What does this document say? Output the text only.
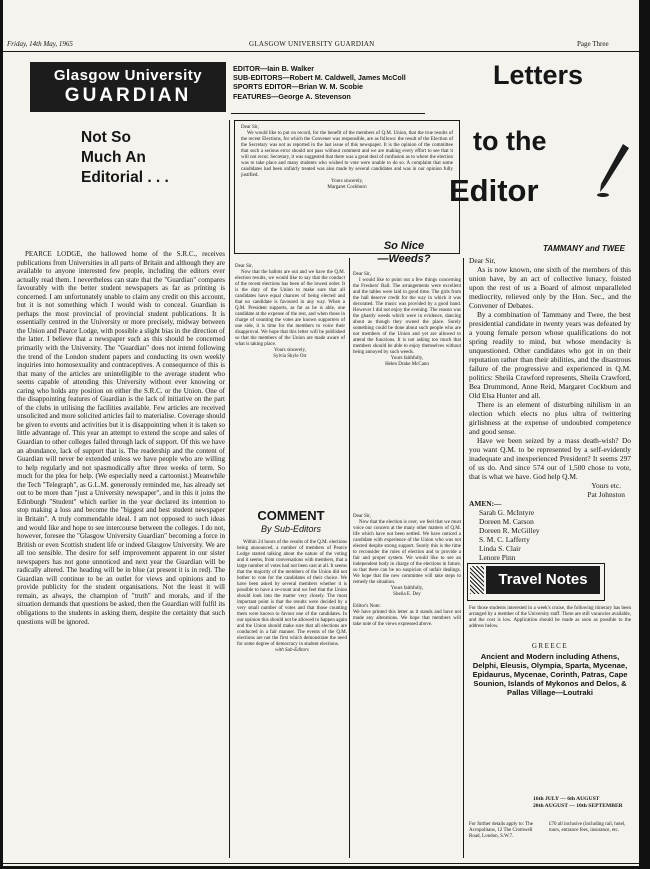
Friday, 14th May, 1965	GLASGOW UNIVERSITY GUARDIAN	Page Three
Glasgow University
GUARDIAN
EDITOR—Iain B. Walker
SUB-EDITORS—Robert M. Caldwell, James McColl
SPORTS EDITOR—Brian W. M. Scobie
FEATURES—George A. Stevenson
Letters
to the
Editor
TAMMANY and TWEE
Not So
Much An
Editorial . . .

PEARCE LODGE, the hallowed home of the S.R.C., receives publications from Universities in all parts of Britain and although they are available to anyone interested few people, including the editors ever actually read them. I nevertheless can state that the "Guardian" compares favourably with the better student newspapers as far as printing is concerned. I am unfortunately unable to claim any credit on this account, but it is not something which I would wish to conceal. Guardian is perhaps the most provincial of provincial student publications. It is essentially centred in the University or more precisely, midway between the Union and Pearce Lodge, with possible a slight bias in the direction of the latter. I believe that a newspaper such as this should be concerned primarily with the University. The "Guardian" does not intend following the trend of the London student papers and conducting its own weekly inquiries into homosexuality and contraceptives. A consequence of this is that many of the articles are unintelligible to the average student who seems capable of attending this University without ever knowing or caring who holds any position on either the S.R.C. or the Union. One of the disappointing features of Guardian is the lack of initiative on the part of the clubs in utilising the facilities available. Few articles are received unsolicited and more solicited articles fail to materialise. Coverage should be given to events and activities but it is disappointing when it is taken so little advantage of. This year an attempt to extend the scope and sales of Guardian to other colleges failed through lack of support. Of this we have an abundance, lack of support that is. The readership and the content of Guardian will never be extended unless we have people who are willing to help regularly and not spasmodically after three weeks of term. So much for the plea for help. (We especially need a cartoonist.) Meanwhile the Tech "Telegraph", as G.L.M. generously reminded me, has already set out to be more than "just a University newspaper", and in this it joins the Edinburgh "Student" which earlier in the year declared its intention to stop making a loss and become the "biggest and best student newspaper in Britain". A truly commendable ideal. I am not opposed to such ideas and would like and hope to see intercourse between the colleges. I do not, however, foresee the "Glasgow University Guardian" becoming a force in British or even Scottish student life or indeed Glasgow University. We are all too sensible. The desire for self improvement apparent in our sister newspapers has not gone unnoticed and next year the Guardian will be radically altered. The heading will be in blue (at present it is in red). The Guardian will continue to be an outlet for views and opinions and to provide publicity for the student organisations. Not the least it will remain, as always, the champion of "truth" and morals, and if the situation demands that questions be asked, then the Guardian will fulfil its obligations to the students in asking them, despite the certainty that such questions will be ignored.

Dear Sir,
We would like to put on record, for the benefit of the members of Q.M. Union, that the true results of the recent Elections, for which the Convener was responsible, are as follows: the result of the Election of the Secretary was not as reported in the last issue of this newspaper. It is the opinion of the committee that such a serious error should not pass without comment and we are making every effort to see that it will not recur. Secretary, it was suggested that there was a great deal of confusion as to where the election was to take place and many students who wished to vote were unable to do so. A complaint that some candidates had been unfairly treated was also made by several candidates and was in our opinion fully justified.
Yours sincerely,
Margaret Cockburn
Dear Sir,
Now that the ballots are out and we have the Q.M. election results, we would like to say that the conduct of the recent elections has been of the lowest order. It is the duty of the Union to make sure that all candidates have equal chances of being elected and that no candidate is favoured in any way. When a Q.M. President supports, as far as he is able, one candidate at the expense of the rest, and when those in charge of counting the votes are known supporters of one side, it is time for the members to voice their disapproval. We hope that this letter will be published so that the members of the Union are made aware of what is taking place.
Yours sincerely,
Sylvia Skyle Orr
So Nice
—Weeds?
Dear Sir,
I would like to point out a few things concerning the Freshers' Ball. The arrangements were excellent and the tables were laid in good time. The girls from the hall deserve credit for the way in which it was decorated. The music was provided by a good band. However I did not enjoy the evening. The reason was the ghastly weeds which were in evidence, dancing about as though they owned the place. Surely something could be done about such people who are not members of the Union and yet are allowed to attend the functions. It is not asking too much that members should be able to enjoy themselves without being annoyed by such weeds.
Yours faithfully,
Helen Drake McCann
COMMENT
By Sub-Editors
Within 24 hours of the results of the Q.M. elections being announced, a number of members of Pearce Lodge started talking about the nature of the voting and it seems, from conversations with members, that a large number of votes had not been cast at all. It seems that the majority of the members of the Union did not bother to vote for the candidates of their choice. We have been asked by several members whether it is possible to have a re-count and we feel that the Union should look into the matter very closely. The most important point is that the results were decided by a very small number of votes and that those counting them were known to favour one of the candidates. In our opinion this should not be allowed to happen again and the Union should make sure that all elections are conducted in a fair manner. The events of the Q.M. elections are not the first which demonstrate the need for some degree of democracy in student elections.
with Sub-Editors
Dear Sir,
Now that the election is over, we feel that we must voice our concern at the many other matters of Q.M. life which have not been settled. We have noticed a candidate with experience of the Union who was not elected despite strong support. Surely this is the time to reconsider the rules of election and to provide a fair and proper system. We would like to see an independent body in charge of the elections in future, so that there can be no suspicion of unfair dealings. We hope that the new committee will take steps to remedy the situation.
Yours faithfully,
Sheila E. Dey
Editor's Note:
We have printed this letter as it stands and have not made any alterations. We hope that members will take note of the views expressed above.
Dear Sir,

As is now known, one sixth of the members of this union have, by an act of collective lunacy, foisted upon the rest of us a Board of almost unparalleled mediocrity, relieved only by the Hon. Sec., and the Convener of Debates.

By a combination of Tammany and Twee, the best presidential candidate in twenty years was defeated by a young female person whose qualifications do not spring readily to mind, but whose mendacity is unquestioned. Other candidates who got in on their reputation rather than their abilities, and the disastrous failure of the progressive and experienced in Q.M. politics: Sheila Crawford represents, Sheila Crawford, Bea Drummond, Anne Reid, Margaret Cockburn and Old Elsa Hunter and all.

There is an element of disturbing nihilism in an election which elects no plus ultra of twittering girlishness at the expense of undoubted competence and good sense.

Have we been seized by a mass death-wish? Do you want Q.M. to be represented by a self-evidently inadequate and inexperienced President? It seems 297 of us do. And since 574 out of 1,500 chose to vote, that is what we have. God help Q.M.

Yours etc.
Pat Johnston
AMEN:—
Sarah G. McIntyre
Doreen M. Carson
Doreen R. McGilley
S. M. C. Lafferty
Linda S. Clair
Lenore Pinn
Travel Notes
For those students interested in a week's cruise, the following itinerary has been arranged by a member of the University staff. There are still vacancies available, and the cost is low. Application should be made as soon as possible to the address below.
GREECE
Ancient and Modern including Athens, Delphi, Eleusis, Olympia, Sparta, Mycenae, Epidaurus, Mycenae, Corinth, Patras, Cape Sounion, Islands of Mykonos and Delos, & Pallas Village—Loutraki
16th JULY — 6th AUGUST
20th AUGUST — 10th SEPTEMBER
For further details apply to: The Acropolitans, 12 The Cromwell Road, London, S.W.7.
£70 all inclusive (including rail, hotel, tours, entrance fees, insurance, etc.
